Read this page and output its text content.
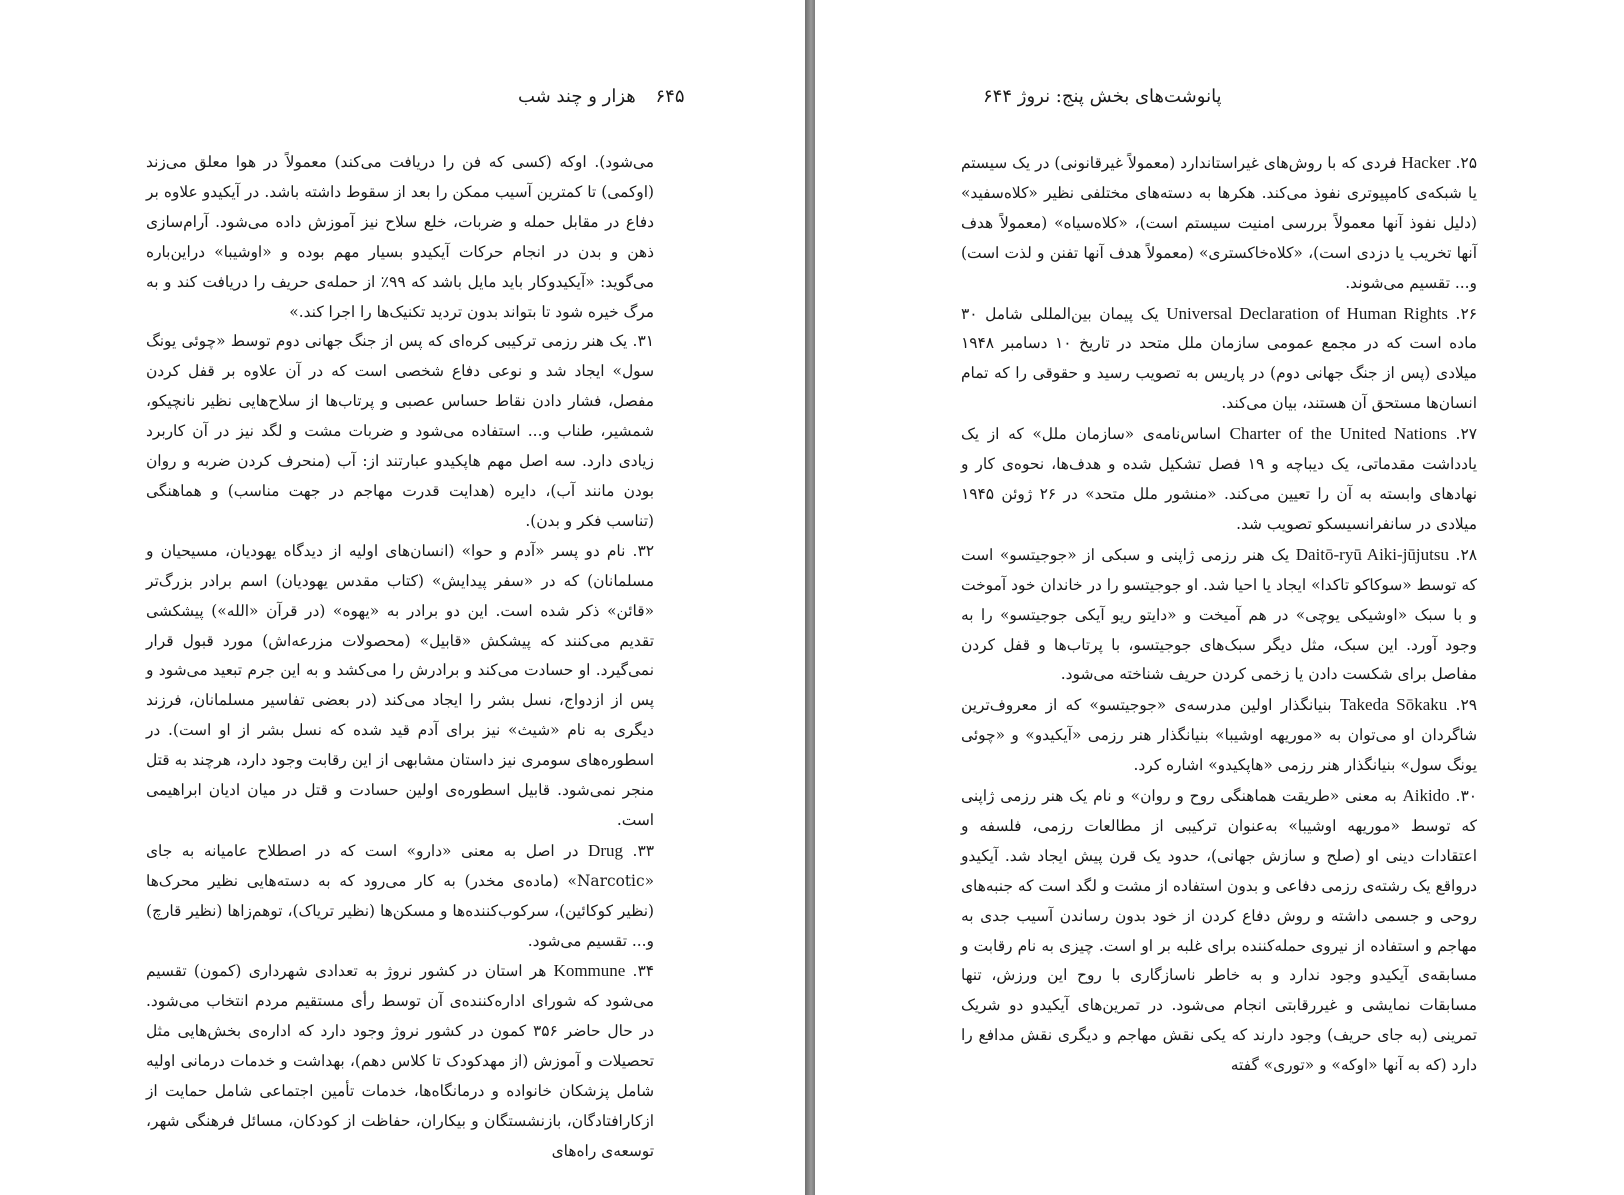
۶۴۵ هزار و چند شب

می‌شود). اوکه (کسی که فن را دریافت می‌کند) معمولاً در هوا معلق می‌زند (اوکمی) تا کمترین آسیب ممکن را بعد از سقوط داشته باشد. در آیکیدو علاوه بر دفاع در مقابل حمله و ضربات، خلع سلاح نیز آموزش داده می‌شود. آرام‌سازی ذهن و بدن در انجام حرکات آیکیدو بسیار مهم بوده و «اوشیبا» دراین‌باره می‌گوید: «آیکیدوکار باید مایل باشد که ۹۹٪ از حمله‌ی حریف را دریافت کند و به مرگ خیره شود تا بتواند بدون تردید تکنیک‌ها را اجرا کند.»

۳۱. یک هنر رزمی ترکیبی کره‌ای که پس از جنگ جهانی دوم توسط «چوئی یونگ سول» ایجاد شد و نوعی دفاع شخصی است که در آن علاوه بر قفل کردن مفصل، فشار دادن نقاط حساس عصبی و پرتاب‌ها از سلاح‌هایی نظیر نانچیکو، شمشیر، طناب و... استفاده می‌شود و ضربات مشت و لگد نیز در آن کاربرد زیادی دارد. سه اصل مهم هاپکیدو عبارتند از: آب (منحرف کردن ضربه و روان بودن مانند آب)، دایره (هدایت قدرت مهاجم در جهت مناسب) و هماهنگی (تناسب فکر و بدن).

۳۲. نام دو پسر «آدم و حوا» (انسان‌های اولیه از دیدگاه یهودیان، مسیحیان و مسلمانان) که در «سفر پیدایش» (کتاب مقدس یهودیان) اسم برادر بزرگ‌تر «قائن» ذکر شده است. این دو برادر به «یهوه» (در قرآن «الله») پیشکشی تقدیم می‌کنند که پیشکش «قابیل» (محصولات مزرعه‌اش) مورد قبول قرار نمی‌گیرد. او حسادت می‌کند و برادرش را می‌کشد و به این جرم تبعید می‌شود و پس از ازدواج، نسل بشر را ایجاد می‌کند (در بعضی تفاسیر مسلمانان، فرزند دیگری به نام «شیث» نیز برای آدم قید شده که نسل بشر از او است). در اسطوره‌های سومری نیز داستان مشابهی از این رقابت وجود دارد، هرچند به قتل منجر نمی‌شود. قابیل اسطوره‌ی اولین حسادت و قتل در میان ادیان ابراهیمی است.

۳۳. Drug در اصل به معنی «دارو» است که در اصطلاح عامیانه به جای «Narcotic» (ماده‌ی مخدر) به کار می‌رود که به دسته‌هایی نظیر محرک‌ها (نظیر کوکائین)، سرکوب‌کننده‌ها و مسکن‌ها (نظیر تریاک)، توهم‌زاها (نظیر قارچ) و... تقسیم می‌شود.

۳۴. Kommune هر استان در کشور نروژ به تعدادی شهرداری (کمون) تقسیم می‌شود که شورای اداره‌کننده‌ی آن توسط رأی مستقیم مردم انتخاب می‌شود. در حال حاضر ۳۵۶ کمون در کشور نروژ وجود دارد که اداره‌ی بخش‌هایی مثل تحصیلات و آموزش (از مهدکودک تا کلاس دهم)، بهداشت و خدمات درمانی اولیه شامل پزشکان خانواده و درمانگاه‌ها، خدمات تأمین اجتماعی شامل حمایت از ازکارافتادگان، بازنشستگان و بیکاران، حفاظت از کودکان، مسائل فرهنگی شهر، توسعه‌ی راه‌های

پانوشت‌های بخش پنج: نروژ ۶۴۴

۲۵. Hacker فردی که با روش‌های غیراستاندارد (معمولاً غیرقانونی) در یک سیستم یا شبکه‌ی کامپیوتری نفوذ می‌کند. هکرها به دسته‌های مختلفی نظیر «کلاه‌سفید» (دلیل نفوذ آنها معمولاً بررسی امنیت سیستم است)، «کلاه‌سیاه» (معمولاً هدف آنها تخریب یا دزدی است)، «کلاه‌خاکستری» (معمولاً هدف آنها تفنن و لذت است) و... تقسیم می‌شوند.

۲۶. Universal Declaration of Human Rights یک پیمان بین‌المللی شامل ۳۰ ماده است که در مجمع عمومی سازمان ملل متحد در تاریخ ۱۰ دسامبر ۱۹۴۸ میلادی (پس از جنگ جهانی دوم) در پاریس به تصویب رسید و حقوقی را که تمام انسان‌ها مستحق آن هستند، بیان می‌کند.

۲۷. Charter of the United Nations اساس‌نامه‌ی «سازمان ملل» که از یک یادداشت مقدماتی، یک دیباچه و ۱۹ فصل تشکیل شده و هدف‌ها، نحوه‌ی کار و نهادهای وابسته به آن را تعیین می‌کند. «منشور ملل متحد» در ۲۶ ژوئن ۱۹۴۵ میلادی در سانفرانسیسکو تصویب شد.

۲۸. Daitō-ryū Aiki-jūjutsu یک هنر رزمی ژاپنی و سبکی از «جوجیتسو» است که توسط «سوکاکو تاکدا» ایجاد یا احیا شد. او جوجیتسو را در خاندان خود آموخت و با سبک «اوشیکی یوچی» در هم آمیخت و «دایتو ریو آیکی جوجیتسو» را به وجود آورد. این سبک، مثل دیگر سبک‌های جوجیتسو، با پرتاب‌ها و قفل کردن مفاصل برای شکست دادن یا زخمی کردن حریف شناخته می‌شود.

۲۹. Takeda Sōkaku بنیانگذار اولین مدرسه‌ی «جوجیتسو» که از معروف‌ترین شاگردان او می‌توان به «موریهه اوشیبا» بنیانگذار هنر رزمی «آیکیدو» و «چوئی یونگ سول» بنیانگذار هنر رزمی «هاپکیدو» اشاره کرد.

۳۰. Aikido به معنی «طریقت هماهنگی روح و روان» و نام یک هنر رزمی ژاپنی که توسط «موریهه اوشیبا» به‌عنوان ترکیبی از مطالعات رزمی، فلسفه و اعتقادات دینی او (صلح و سازش جهانی)، حدود یک قرن پیش ایجاد شد. آیکیدو درواقع یک رشته‌ی رزمی دفاعی و بدون استفاده از مشت و لگد است که جنبه‌های روحی و جسمی داشته و روش دفاع کردن از خود بدون رساندن آسیب جدی به مهاجم و استفاده از نیروی حمله‌کننده برای غلبه بر او است. چیزی به نام رقابت و مسابقه‌ی آیکیدو وجود ندارد و به خاطر ناسازگاری با روح این ورزش، تنها مسابقات نمایشی و غیررقابتی انجام می‌شود. در تمرین‌های آیکیدو دو شریک تمرینی (به جای حریف) وجود دارند که یکی نقش مهاجم و دیگری نقش مدافع را دارد (که به آنها «اوکه» و «توری» گفته
